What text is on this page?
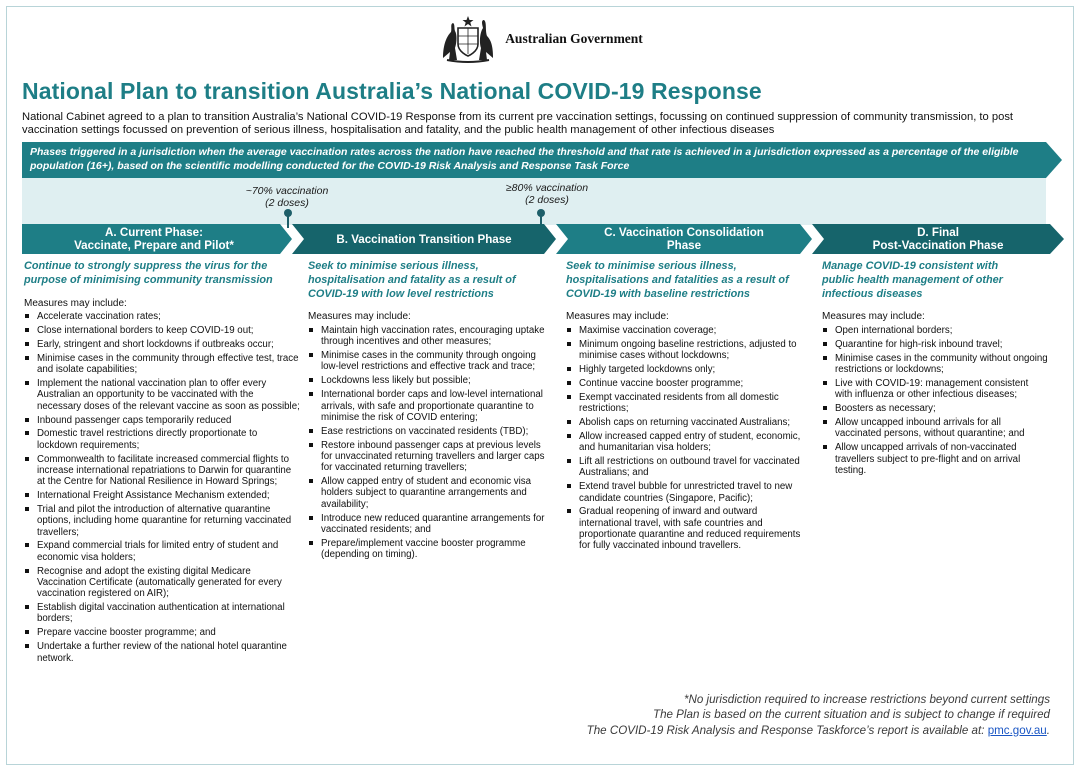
Australian Government
National Plan to transition Australia’s National COVID-19 Response
National Cabinet agreed to a plan to transition Australia’s National COVID-19 Response from its current pre vaccination settings, focussing on continued suppression of community transmission, to post vaccination settings focussed on prevention of serious illness, hospitalisation and fatality, and the public health management of other infectious diseases
Phases triggered in a jurisdiction when the average vaccination rates across the nation have reached the threshold and that rate is achieved in a jurisdiction expressed as a percentage of the eligible population (16+), based on the scientific modelling conducted for the COVID-19 Risk Analysis and Response Task Force
~70% vaccination
(2 doses)
≥80% vaccination
(2 doses)
A. Current Phase:
Vaccinate, Prepare and Pilot*	B. Vaccination Transition Phase	C. Vaccination Consolidation
Phase
D. Final
Post-Vaccination Phase
Continue to strongly suppress the virus for the purpose of minimising community transmission
Measures may include:
Accelerate vaccination rates;
Close international borders to keep COVID-19 out;
Early, stringent and short lockdowns if outbreaks occur;
Minimise cases in the community through effective test, trace and isolate capabilities;
Implement the national vaccination plan to offer every Australian an opportunity to be vaccinated with the necessary doses of the relevant vaccine as soon as possible;
Inbound passenger caps temporarily reduced
Domestic travel restrictions directly proportionate to lockdown requirements;
Commonwealth to facilitate increased commercial flights to increase international repatriations to Darwin for quarantine at the Centre for National Resilience in Howard Springs;
International Freight Assistance Mechanism extended;
Trial and pilot the introduction of alternative quarantine options, including home quarantine for returning vaccinated travellers;
Expand commercial trials for limited entry of student and economic visa holders;
Recognise and adopt the existing digital Medicare Vaccination Certificate (automatically generated for every vaccination registered on AIR);
Establish digital vaccination authentication at international borders;
Prepare vaccine booster programme; and
Undertake a further review of the national hotel quarantine network.
Seek to minimise serious illness, hospitalisation and fatality as a result of COVID-19 with low level restrictions
Measures may include:
Maintain high vaccination rates, encouraging uptake through incentives and other measures;
Minimise cases in the community through ongoing low-level restrictions and effective track and trace;
Lockdowns less likely but possible;
International border caps and low-level international arrivals, with safe and proportionate quarantine to minimise the risk of COVID entering;
Ease restrictions on vaccinated residents (TBD);
Restore inbound passenger caps at previous levels for unvaccinated returning travellers and larger caps for vaccinated returning travellers;
Allow capped entry of student and economic visa holders subject to quarantine arrangements and availability;
Introduce new reduced quarantine arrangements for vaccinated residents; and
Prepare/implement vaccine booster programme (depending on timing).
Seek to minimise serious illness, hospitalisations and fatalities as a result of COVID-19 with baseline restrictions
Measures may include:
Maximise vaccination coverage;
Minimum ongoing baseline restrictions, adjusted to minimise cases without lockdowns;
Highly targeted lockdowns only;
Continue vaccine booster programme;
Exempt vaccinated residents from all domestic restrictions;
Abolish caps on returning vaccinated Australians;
Allow increased capped entry of student, economic, and humanitarian visa holders;
Lift all restrictions on outbound travel for vaccinated Australians; and
Extend travel bubble for unrestricted travel to new candidate countries (Singapore, Pacific);
Gradual reopening of inward and outward international travel, with safe countries and proportionate quarantine and reduced requirements for fully vaccinated inbound travellers.
Manage COVID-19 consistent with public health management of other infectious diseases
Measures may include:
Open international borders;
Quarantine for high-risk inbound travel;
Minimise cases in the community without ongoing restrictions or lockdowns;
Live with COVID-19: management consistent with influenza or other infectious diseases;
Boosters as necessary;
Allow uncapped inbound arrivals for all vaccinated persons, without quarantine; and
Allow uncapped arrivals of non-vaccinated travellers subject to pre-flight and on arrival testing.
*No jurisdiction required to increase restrictions beyond current settings
The Plan is based on the current situation and is subject to change if required
The COVID-19 Risk Analysis and Response Taskforce’s report is available at: pmc.gov.au.
